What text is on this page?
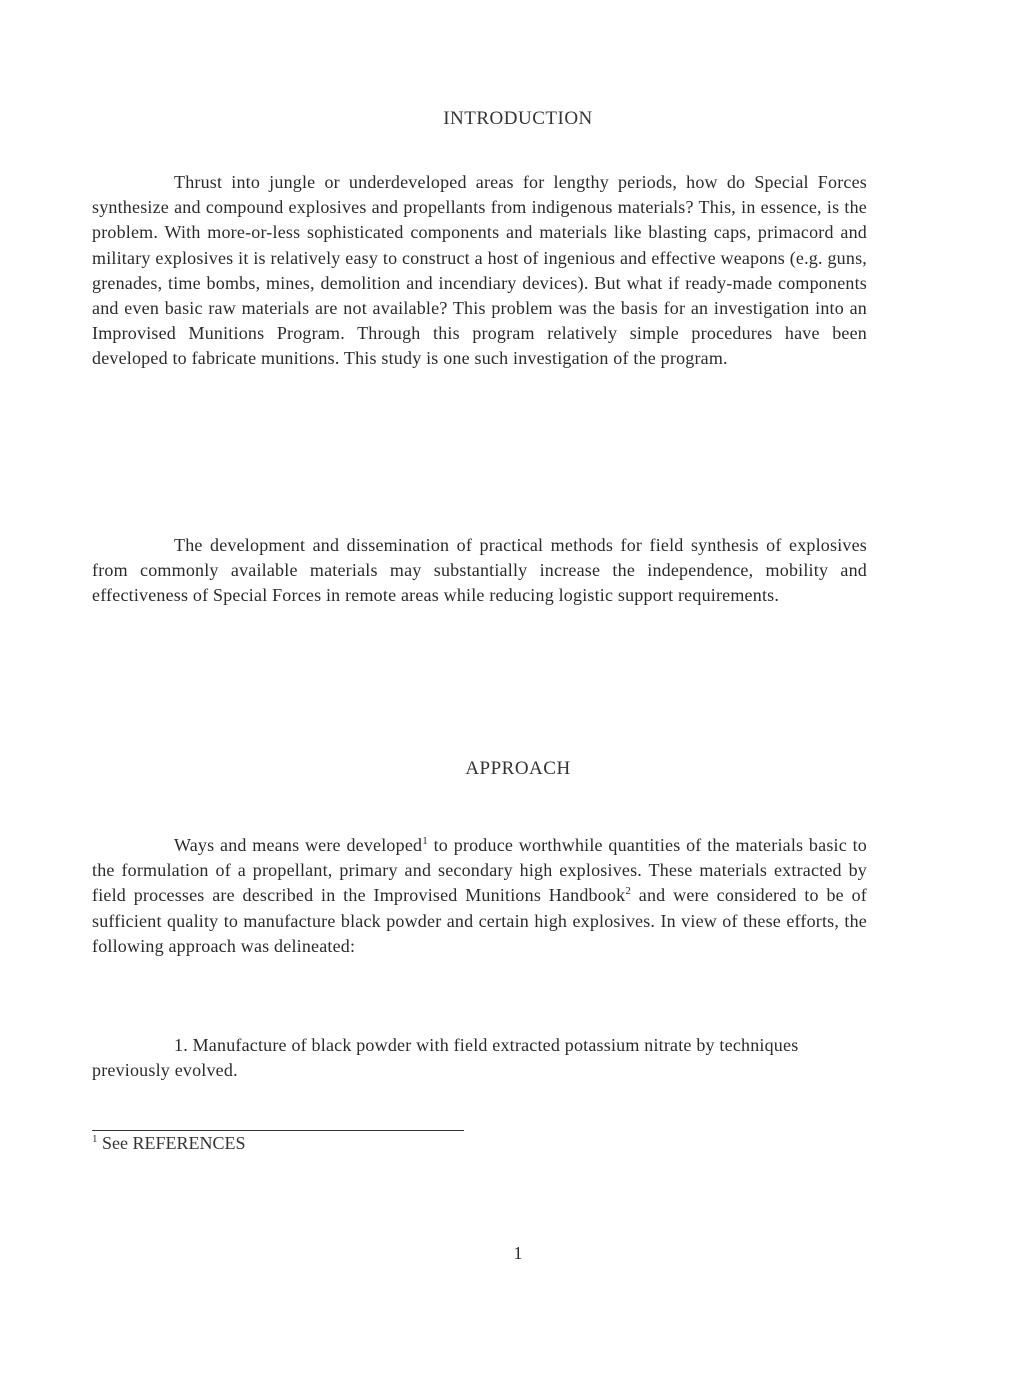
INTRODUCTION

Thrust into jungle or underdeveloped areas for lengthy periods, how do Special Forces synthesize and compound explosives and propellants from indigenous materials? This, in essence, is the problem. With more-or-less sophisticated components and materials like blasting caps, primacord and military explosives it is relatively easy to construct a host of ingenious and effective weapons (e.g. guns, grenades, time bombs, mines, demolition and incendiary devices). But what if ready-made components and even basic raw materials are not available? This problem was the basis for an investigation into an Improvised Munitions Program. Through this program relatively simple procedures have been developed to fabricate munitions. This study is one such investigation of the program.

The development and dissemination of practical methods for field synthesis of explosives from commonly available materials may substantially increase the independence, mobility and effectiveness of Special Forces in remote areas while reducing logistic support requirements.

APPROACH

Ways and means were developed$^1$ to produce worthwhile quantities of the materials basic to the formulation of a propellant, primary and secondary high explosives. These materials extracted by field processes are described in the Improvised Munitions Handbook$^2$ and were considered to be of sufficient quality to manufacture black powder and certain high explosives. In view of these efforts, the following approach was delineated:

1. Manufacture of black powder with field extracted potassium nitrate by techniques previously evolved.

$^1$ See REFERENCES
1
